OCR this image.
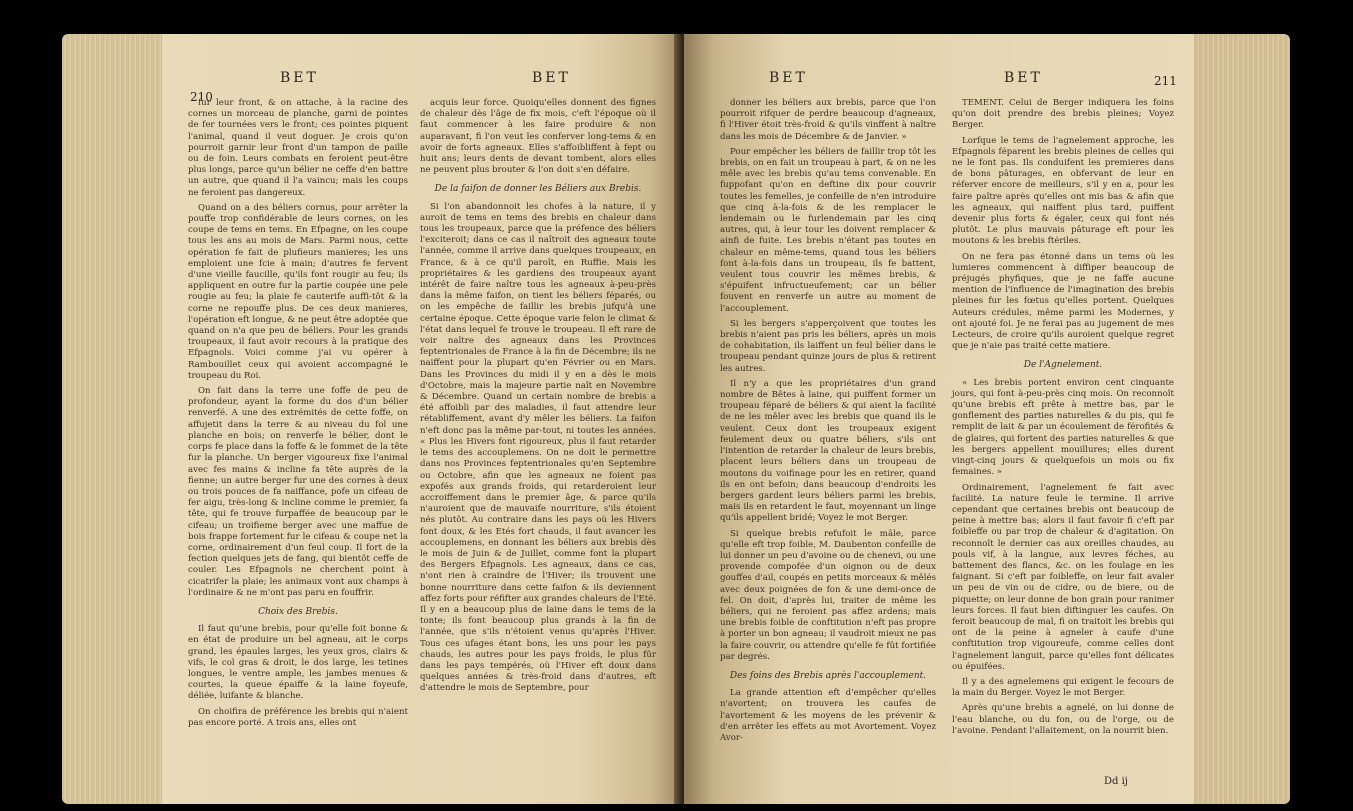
210
BET	BET

fur leur front, & on attache, à la racine des cornes un morceau de planche, garni de pointes de fer tournées vers le front; ces pointes piquent l'animal, quand il veut doguer. Je crois qu'on pourroit garnir leur front d'un tampon de paille ou de foin. Leurs combats en feroient peut-être plus longs, parce qu'un bélier ne ceffe d'en battre un autre, que quand il l'a vaincu; mais les coups ne feroient pas dangereux.

Quand on a des béliers cornus, pour arrêter la pouffe trop confidérable de leurs cornes, on les coupe de tems en tems. En Efpagne, on les coupe tous les ans au mois de Mars. Parmi nous, cette opération fe fait de plufieurs manieres; les uns emploient une fcie à main; d'autres fe fervent d'une vieille faucille, qu'ils font rougir au feu; ils appliquent en outre fur la partie coupée une pele rougie au feu; la plaie fe cauterife auffi-tôt & la corne ne repouffe plus. De ces deux manieres, l'opération eft longue, & ne peut être adoptée que quand on n'a que peu de béliers. Pour les grands troupeaux, il faut avoir recours à la pratique des Efpagnols. Voici comme j'ai vu opérer à Rambouillet ceux qui avoient accompagné le troupeau du Roi.

On fait dans la terre une foffe de peu de profondeur, ayant la forme du dos d'un bélier renverfé. A une des extrémités de cette foffe, on affujetit dans la terre & au niveau du fol une planche en bois; on renverfe le bélier, dont le corps fe place dans la foffe & le fommet de la tête fur la planche. Un berger vigoureux fixe l'animal avec fes mains & incline fa tête auprès de la fienne; un autre berger fur une des cornes à deux ou trois pouces de fa naiffance, pofe un cifeau de fer aigu, très-long & incline comme le premier, fa tête, qui fe trouve furpaffée de beaucoup par le cifeau; un troifieme berger avec une maffue de bois frappe fortement fur le cifeau & coupe net la corne, ordinairement d'un feul coup. Il fort de la fection quelques jets de fang, qui bientôt ceffe de couler. Les Efpagnols ne cherchent point à cicatrifer la plaie; les animaux vont aux champs à l'ordinaire & ne m'ont pas paru en fouffrir.

Choix des Brebis.

Il faut qu'une brebis, pour qu'elle foit bonne & en état de produire un bel agneau, ait le corps grand, les épaules larges, les yeux gros, clairs & vifs, le col gras & droit, le dos large, les tetines longues, le ventre ample, les jambes menues & courtes, la queue épaiffe & la laine foyeufe, déliée, luifante & blanche.

On choifira de préférence les brebis qui n'aient pas encore porté. A trois ans, elles ont

acquis leur force. Quoiqu'elles donnent des fignes de chaleur dès l'âge de fix mois, c'eft l'époque où il faut commencer à les faire produire & non auparavant, fi l'on veut les conferver long-tems & en avoir de forts agneaux. Elles s'affoibliffent à fept ou huit ans; leurs dents de devant tombent, alors elles ne peuvent plus brouter & l'on doit s'en défaire.

De la faifon de donner les Béliers aux Brebis.

Si l'on abandonnoit les chofes à la nature, il y auroit de tems en tems des brebis en chaleur dans tous les troupeaux, parce que la préfence des béliers l'exciteroit; dans ce cas il naîtroit des agneaux toute l'année, comme il arrive dans quelques troupeaux, en France, & à ce qu'il paroît, en Ruffie. Mais les propriétaires & les gardiens des troupeaux ayant intérêt de faire naître tous les agneaux à-peu-près dans la même faifon, on tient les béliers féparés, ou on les empêche de faillir les brebis jufqu'à une certaine époque. Cette époque varie felon le climat & l'état dans lequel fe trouve le troupeau. Il eft rare de voir naître des agneaux dans les Provinces feptentrionales de France à la fin de Décembre; ils ne naiffent pour la plupart qu'en Février ou en Mars. Dans les Provinces du midi il y en a dès le mois d'Octobre, mais la majeure partie naît en Novembre & Décembre. Quand un certain nombre de brebis a été affoibli par des maladies, il faut attendre leur rétabliffement, avant d'y mêler les béliers. La faifon n'eft donc pas la même par-tout, ni toutes les années. « Plus les Hivers font rigoureux, plus il faut retarder le tems des accouplemens. On ne doit le permettre dans nos Provinces feptentrionales qu'en Septembre ou Octobre, afin que les agneaux ne foient pas expofés aux grands froids, qui retarderoient leur accroiffement dans le premier âge, & parce qu'ils n'auroient que de mauvaife nourriture, s'ils étoient nés plutôt. Au contraire dans les pays où les Hivers font doux, & les Etés fort chauds, il faut avancer les accouplemens, en donnant les béliers aux brebis dès le mois de Juin & de Juillet, comme font la plupart des Bergers Efpagnols. Les agneaux, dans ce cas, n'ont rien à craindre de l'Hiver; ils trouvent une bonne nourriture dans cette faifon & ils deviennent affez forts pour réfifter aux grandes chaleurs de l'Eté. Il y en a beaucoup plus de laine dans le tems de la tonte; ils font beaucoup plus grands à la fin de l'année, que s'ils n'étoient venus qu'après l'Hiver. Tous ces ufages étant bons, les uns pour les pays chauds, les autres pour les pays froids, le plus fûr dans les pays tempérés, où l'Hiver eft doux dans quelques années & très-froid dans d'autres, eft d'attendre le mois de Septembre, pour

BET	BET	211

donner les béliers aux brebis, parce que l'on pourroit rifquer de perdre beaucoup d'agneaux, fi l'Hiver étoit très-froid & qu'ils vinffent à naître dans les mois de Décembre & de Janvier. »

Pour empêcher les béliers de faillir trop tôt les brebis, on en fait un troupeau à part, & on ne les mêle avec les brebis qu'au tems convenable. En fuppofant qu'on en deftine dix pour couvrir toutes les femelles, je confeille de n'en introduire que cinq à-la-fois & de les remplacer le lendemain ou le furlendemain par les cinq autres, qui, à leur tour les doivent remplacer & ainfi de fuite. Les brebis n'étant pas toutes en chaleur en même-tems, quand tous les béliers font à-la-fois dans un troupeau, ils fe battent, veulent tous couvrir les mêmes brebis, & s'épuifent infructueufement; car un bélier fouvent en renverfe un autre au moment de l'accouplement.

Si les bergers s'apperçoivent que toutes les brebis n'aient pas pris les béliers, après un mois de cohabitation, ils laiffent un feul bélier dans le troupeau pendant quinze jours de plus & retirent les autres.

Il n'y a que les propriétaires d'un grand nombre de Bêtes à laine, qui puiffent former un troupeau féparé de béliers & qui aient la facilité de ne les mêler avec les brebis que quand ils le veulent. Ceux dont les troupeaux exigent feulement deux ou quatre béliers, s'ils ont l'intention de retarder la chaleur de leurs brebis, placent leurs béliers dans un troupeau de moutons du voifinage pour les en retirer, quand ils en ont befoin; dans beaucoup d'endroits les bergers gardent leurs béliers parmi les brebis, mais ils en retardent le faut, moyennant un linge qu'ils appellent bridé; Voyez le mot Berger.

Si quelque brebis refufoit le mâle, parce qu'elle eft trop foible, M. Daubenton confeille de lui donner un peu d'avoine ou de chenevi, ou une provende compofée d'un oignon ou de deux gouffes d'ail, coupés en petits morceaux & mêlés avec deux poignées de fon & une demi-once de fel. On doit, d'après lui, traiter de même les béliers, qui ne feroient pas affez ardens; mais une brebis foible de conftitution n'eft pas propre à porter un bon agneau; il vaudroit mieux ne pas la faire couvrir, ou attendre qu'elle fe fût fortifiée par degrés.

Des foins des Brebis après l'accouplement.

La grande attention eft d'empêcher qu'elles n'avortent; on trouvera les caufes de l'avortement & les moyens de les prévenir & d'en arrêter les effets au mot Avortement. Voyez Avor-

TEMENT. Celui de Berger indiquera les foins qu'on doit prendre des brebis pleines; Voyez Berger.

Lorfque le tems de l'agnelement approche, les Efpagnols féparent les brebis pleines de celles qui ne le font pas. Ils conduifent les premieres dans de bons pâturages, en obfervant de leur en réferver encore de meilleurs, s'il y en a, pour les faire paître après qu'elles ont mis bas & afin que les agneaux, qui naiffent plus tard, puiffent devenir plus forts & égaler, ceux qui font nés plutôt. Le plus mauvais pâturage eft pour les moutons & les brebis ftériles.

On ne fera pas étonné dans un tems où les lumieres commencent à diffiper beaucoup de préjugés phyfiques, que je ne faffe aucune mention de l'influence de l'imagination des brebis pleines fur les fœtus qu'elles portent. Quelques Auteurs crédules, même parmi les Modernes, y ont ajouté foi. Je ne ferai pas au jugement de mes Lecteurs, de croire qu'ils auroient quelque regret que je n'aie pas traité cette matiere.

De l'Agnelement.

« Les brebis portent environ cent cinquante jours, qui font à-peu-près cinq mois. On reconnoît qu'une brebis eft prête à mettre bas, par le gonflement des parties naturelles & du pis, qui fe remplit de lait & par un écoulement de férofités & de glaires, qui fortent des parties naturelles & que les bergers appellent mouillures; elles durent vingt-cinq jours & quelquefois un mois ou fix femaines. »

Ordinairement, l'agnelement fe fait avec facilité. La nature feule le termine. Il arrive cependant que certaines brebis ont beaucoup de peine à mettre bas; alors il faut favoir fi c'eft par foibleffe ou par trop de chaleur & d'agitation. On reconnoît le dernier cas aux oreilles chaudes, au pouls vif, à la langue, aux levres féches, au battement des flancs, &c. on les foulage en les faignant. Si c'eft par foibleffe, on leur fait avaler un peu de vin ou de cidre, ou de biere, ou de piquette; on leur donne de bon grain pour ranimer leurs forces. Il faut bien diftinguer les caufes. On feroit beaucoup de mal, fi on traitoit les brebis qui ont de la peine à agneler à caufe d'une conftitution trop vigoureufe, comme celles dont l'agnelement languit, parce qu'elles font délicates ou épuifées.

Il y a des agnelemens qui exigent le fecours de la main du Berger. Voyez le mot Berger.

Après qu'une brebis a agnelé, on lui donne de l'eau blanche, ou du fon, ou de l'orge, ou de l'avoine. Pendant l'allaitement, on la nourrit bien.

Dd ij
